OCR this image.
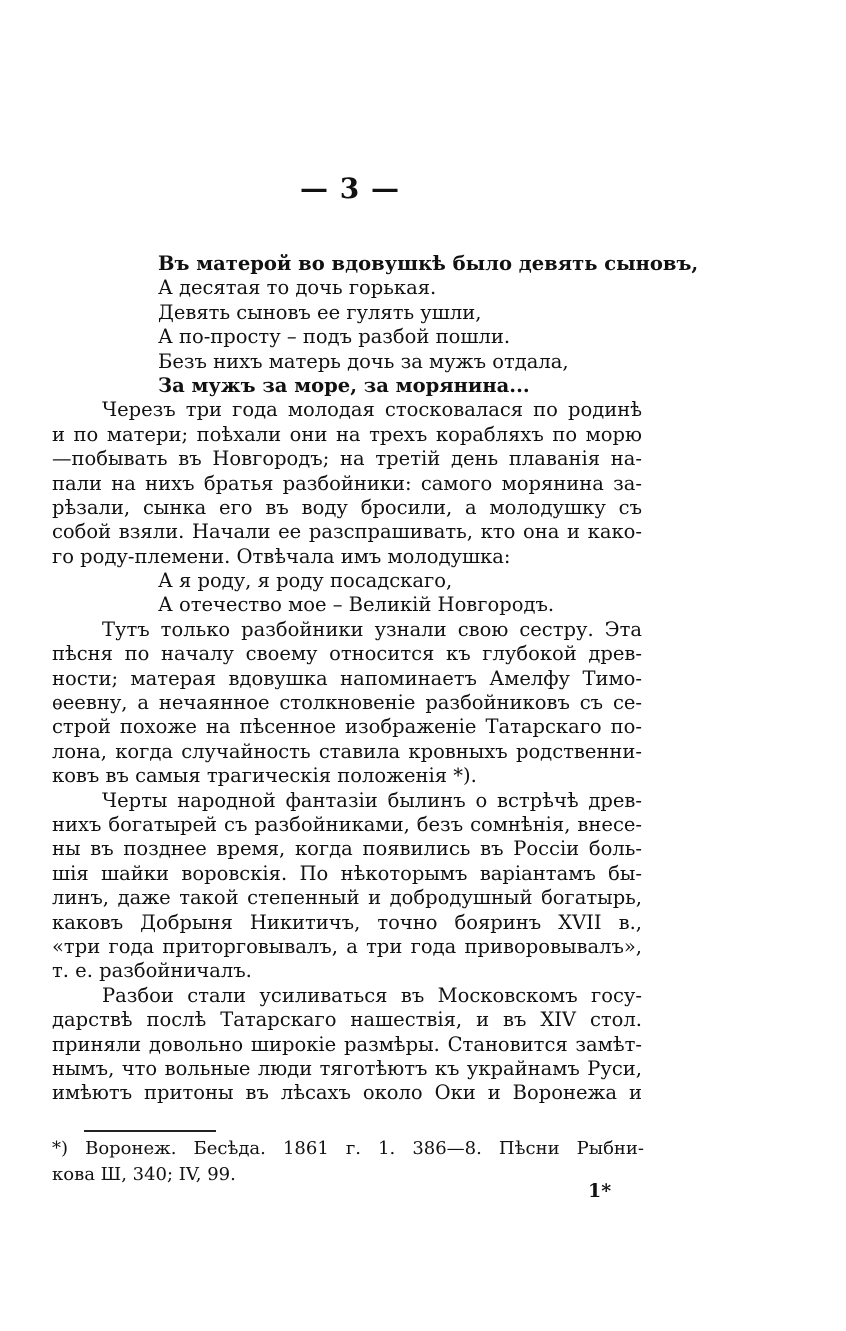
— 3 —
Въ матерой во вдовушкѣ было девять сыновъ,
А десятая то дочь горькая.
Девять сыновъ ее гулять ушли,
А по-просту – подъ разбой пошли.
Безъ нихъ матерь дочь за мужъ отдала,
За мужъ за море, за морянина...
Черезъ три года молодая стосковалася по родинѣ
и по матери; поѣхали они на трехъ корабляхъ по морю
—побывать въ Новгородъ; на третій день плаванія на-
пали на нихъ братья разбойники: самого морянина за-
рѣзали, сынка его въ воду бросили, а молодушку съ
собой взяли. Начали ее разспрашивать, кто она и како-
го роду-племени. Отвѣчала имъ молодушка:
А я роду, я роду посадскаго,
А отечество мое – Великій Новгородъ.
Тутъ только разбойники узнали свою сестру. Эта
пѣсня по началу своему относится къ глубокой древ-
ности; матерая вдовушка напоминаетъ Амелфу Тимо-
ѳеевну, а нечаянное столкновеніе разбойниковъ съ се-
строй похоже на пѣсенное изображеніе Татарскаго по-
лона, когда случайность ставила кровныхъ родственни-
ковъ въ самыя трагическія положенія *).
Черты народной фантазіи былинъ о встрѣчѣ древ-
нихъ богатырей съ разбойниками, безъ сомнѣнія, внесе-
ны въ позднее время, когда появились въ Россіи боль-
шія шайки воровскія. По нѣкоторымъ варіантамъ бы-
линъ, даже такой степенный и добродушный богатырь,
каковъ Добрыня Никитичъ, точно бояринъ XVII в.,
«три года приторговывалъ, а три года привoровывалъ»,
т. е. разбойничалъ.
Разбои стали усиливаться въ Московскомъ госу-
дарствѣ послѣ Татарскаго нашествія, и въ XIV стол.
приняли довольно широкіе размѣры. Становится замѣт-
нымъ, что вольные люди тяготѣютъ къ украйнамъ Руси,
имѣютъ притоны въ лѣсахъ около Оки и Воронежа и
*) Воронеж. Бесѣда. 1861 г. 1. 386—8. Пѣсни Рыбни-
кова Ш, 340; IV, 99.
1*
